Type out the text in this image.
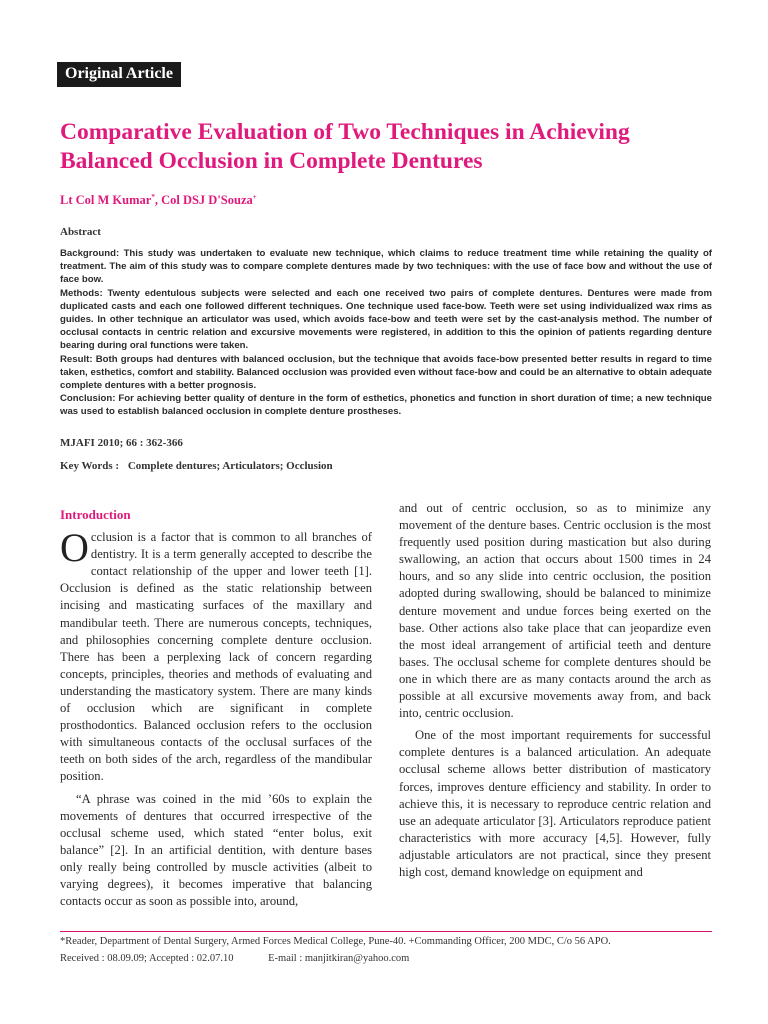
Original Article
Comparative Evaluation of Two Techniques in Achieving Balanced Occlusion in Complete Dentures
Lt Col M Kumar*, Col DSJ D'Souza+
Abstract

Background: This study was undertaken to evaluate new technique, which claims to reduce treatment time while retaining the quality of treatment. The aim of this study was to compare complete dentures made by two techniques: with the use of face bow and without the use of face bow.

Methods: Twenty edentulous subjects were selected and each one received two pairs of complete dentures. Dentures were made from duplicated casts and each one followed different techniques. One technique used face-bow. Teeth were set using individualized wax rims as guides. In other technique an articulator was used, which avoids face-bow and teeth were set by the cast-analysis method. The number of occlusal contacts in centric relation and excursive movements were registered, in addition to this the opinion of patients regarding denture bearing during oral functions were taken.

Result: Both groups had dentures with balanced occlusion, but the technique that avoids face-bow presented better results in regard to time taken, esthetics, comfort and stability. Balanced occlusion was provided even without face-bow and could be an alternative to obtain adequate complete dentures with a better prognosis.

Conclusion: For achieving better quality of denture in the form of esthetics, phonetics and function in short duration of time; a new technique was used to establish balanced occlusion in complete denture prostheses.

MJAFI 2010; 66 : 362-366
Key Words : Complete dentures; Articulators; Occlusion
Introduction

Occlusion is a factor that is common to all branches of dentistry. It is a term generally accepted to describe the contact relationship of the upper and lower teeth [1]. Occlusion is defined as the static relationship between incising and masticating surfaces of the maxillary and mandibular teeth. There are numerous concepts, techniques, and philosophies concerning complete denture occlusion. There has been a perplexing lack of concern regarding concepts, principles, theories and methods of evaluating and understanding the masticatory system. There are many kinds of occlusion which are significant in complete prosthodontics. Balanced occlusion refers to the occlusion with simultaneous contacts of the occlusal surfaces of the teeth on both sides of the arch, regardless of the mandibular position.

“A phrase was coined in the mid ’60s to explain the movements of dentures that occurred irrespective of the occlusal scheme used, which stated “enter bolus, exit balance” [2]. In an artificial dentition, with denture bases only really being controlled by muscle activities (albeit to varying degrees), it becomes imperative that balancing contacts occur as soon as possible into, around,

and out of centric occlusion, so as to minimize any movement of the denture bases. Centric occlusion is the most frequently used position during mastication but also during swallowing, an action that occurs about 1500 times in 24 hours, and so any slide into centric occlusion, the position adopted during swallowing, should be balanced to minimize denture movement and undue forces being exerted on the base. Other actions also take place that can jeopardize even the most ideal arrangement of artificial teeth and denture bases. The occlusal scheme for complete dentures should be one in which there are as many contacts around the arch as possible at all excursive movements away from, and back into, centric occlusion.

One of the most important requirements for successful complete dentures is a balanced articulation. An adequate occlusal scheme allows better distribution of masticatory forces, improves denture efficiency and stability. In order to achieve this, it is necessary to reproduce centric relation and use an adequate articulator [3]. Articulators reproduce patient characteristics with more accuracy [4,5]. However, fully adjustable articulators are not practical, since they present high cost, demand knowledge on equipment and

*Reader, Department of Dental Surgery, Armed Forces Medical College, Pune-40. +Commanding Officer, 200 MDC, C/o 56 APO.
Received : 08.09.09; Accepted : 02.07.10	E-mail : manjitkiran@yahoo.com
